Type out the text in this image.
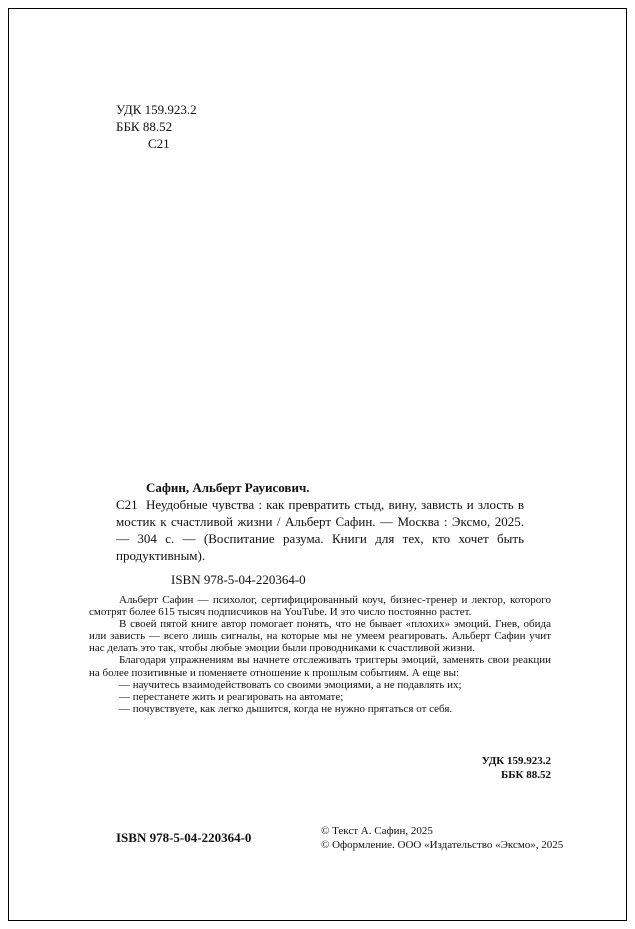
УДК 159.923.2
ББК 88.52
С21

Сафин, Альберт Рауисович.

С21 Неудобные чувства : как превратить стыд, вину, зависть и злость в мостик к счастливой жизни / Альберт Сафин. — Москва : Эксмо, 2025. — 304 с. — (Воспитание разума. Книги для тех, кто хочет быть продуктивным).

ISBN 978-5-04-220364-0

Альберт Сафин — психолог, сертифицированный коуч, бизнес-тренер и лектор, которого смотрят более 615 тысяч подписчиков на YouTube. И это число постоянно растет.

В своей пятой книге автор помогает понять, что не бывает «плохих» эмоций. Гнев, обида или зависть — всего лишь сигналы, на которые мы не умеем реагировать. Альберт Сафин учит нас делать это так, чтобы любые эмоции были проводниками к счастливой жизни.

Благодаря упражнениям вы начнете отслеживать триггеры эмоций, заменять свои реакции на более позитивные и поменяете отношение к прошлым событиям. А еще вы:

— научитесь взаимодействовать со своими эмоциями, а не подавлять их;

— перестанете жить и реагировать на автомате;

— почувствуете, как легко дышится, когда не нужно прятаться от себя.

УДК 159.923.2
ББК 88.52
ISBN 978-5-04-220364-0	© Текст А. Сафин, 2025
© Оформление. ООО «Издательство «Эксмо», 2025
